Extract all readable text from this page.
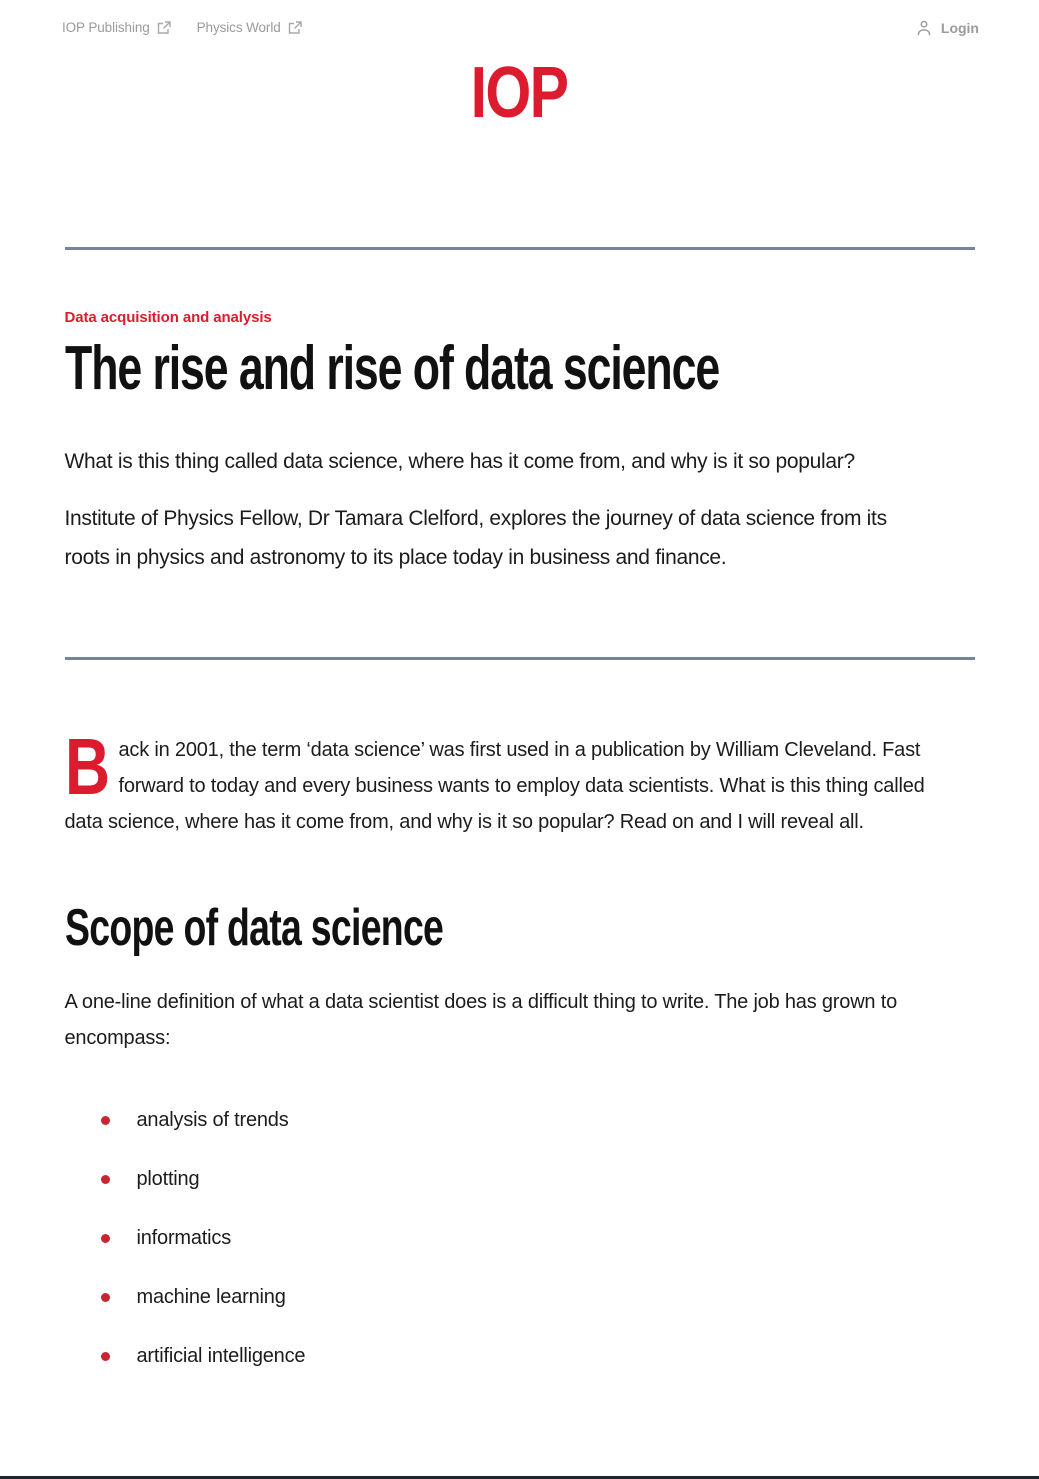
IOP Publishing	Physics World	Login
IOP
Data acquisition and analysis
The rise and rise of data science

What is this thing called data science, where has it come from, and why is it so popular?

Institute of Physics Fellow, Dr Tamara Clelford, explores the journey of data science from its roots in physics and astronomy to its place today in business and finance.

Back in 2001, the term ‘data science’ was first used in a publication by William Cleveland. Fast forward to today and every business wants to employ data scientists. What is this thing called data science, where has it come from, and why is it so popular? Read on and I will reveal all.

Scope of data science

A one-line definition of what a data scientist does is a difficult thing to write. The job has grown to encompass:

analysis of trends
plotting
informatics
machine learning
artificial intelligence
